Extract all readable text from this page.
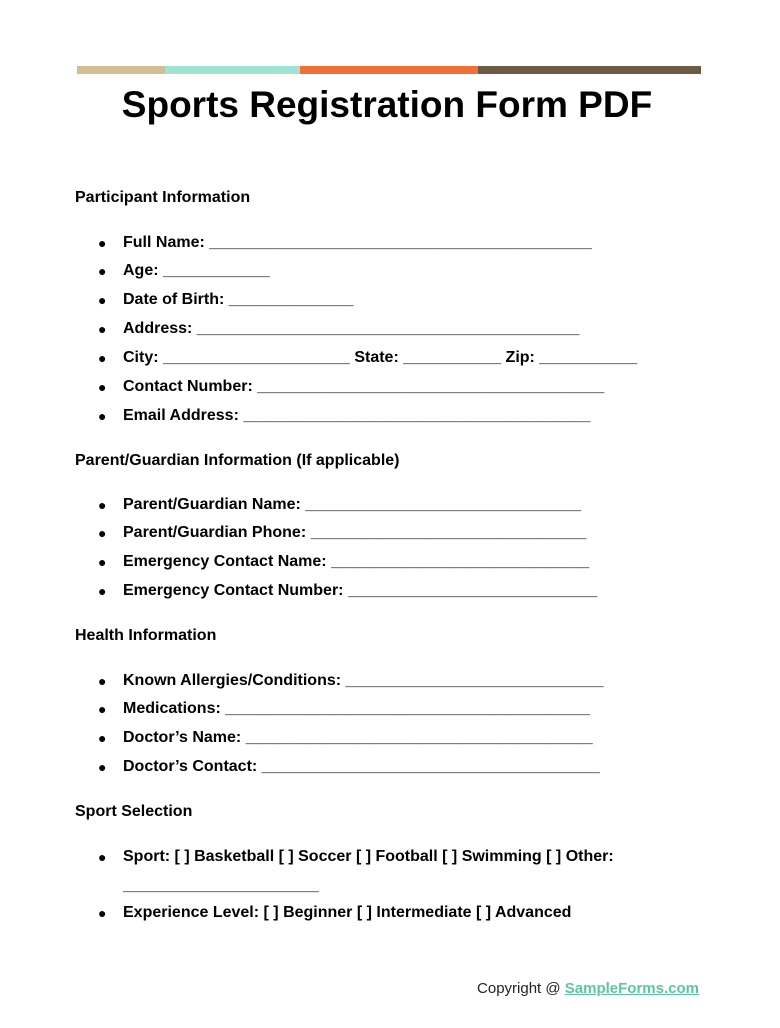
Sports Registration Form PDF
Participant Information
● Full Name: ___________________________________________
● Age: ____________
● Date of Birth: ______________
● Address: ___________________________________________
● City: _____________________ State: ___________ Zip: ___________
● Contact Number: _______________________________________
● Email Address: _______________________________________
Parent/Guardian Information (If applicable)
● Parent/Guardian Name: _______________________________
● Parent/Guardian Phone: _______________________________
● Emergency Contact Name: _____________________________
● Emergency Contact Number: ____________________________
Health Information
● Known Allergies/Conditions: _____________________________
● Medications: _________________________________________
● Doctor’s Name: _______________________________________
● Doctor’s Contact: ______________________________________
Sport Selection
● Sport: [ ] Basketball [ ] Soccer [ ] Football [ ] Swimming [ ] Other:
______________________
● Experience Level: [ ] Beginner [ ] Intermediate [ ] Advanced
Copyright @ SampleForms.com
